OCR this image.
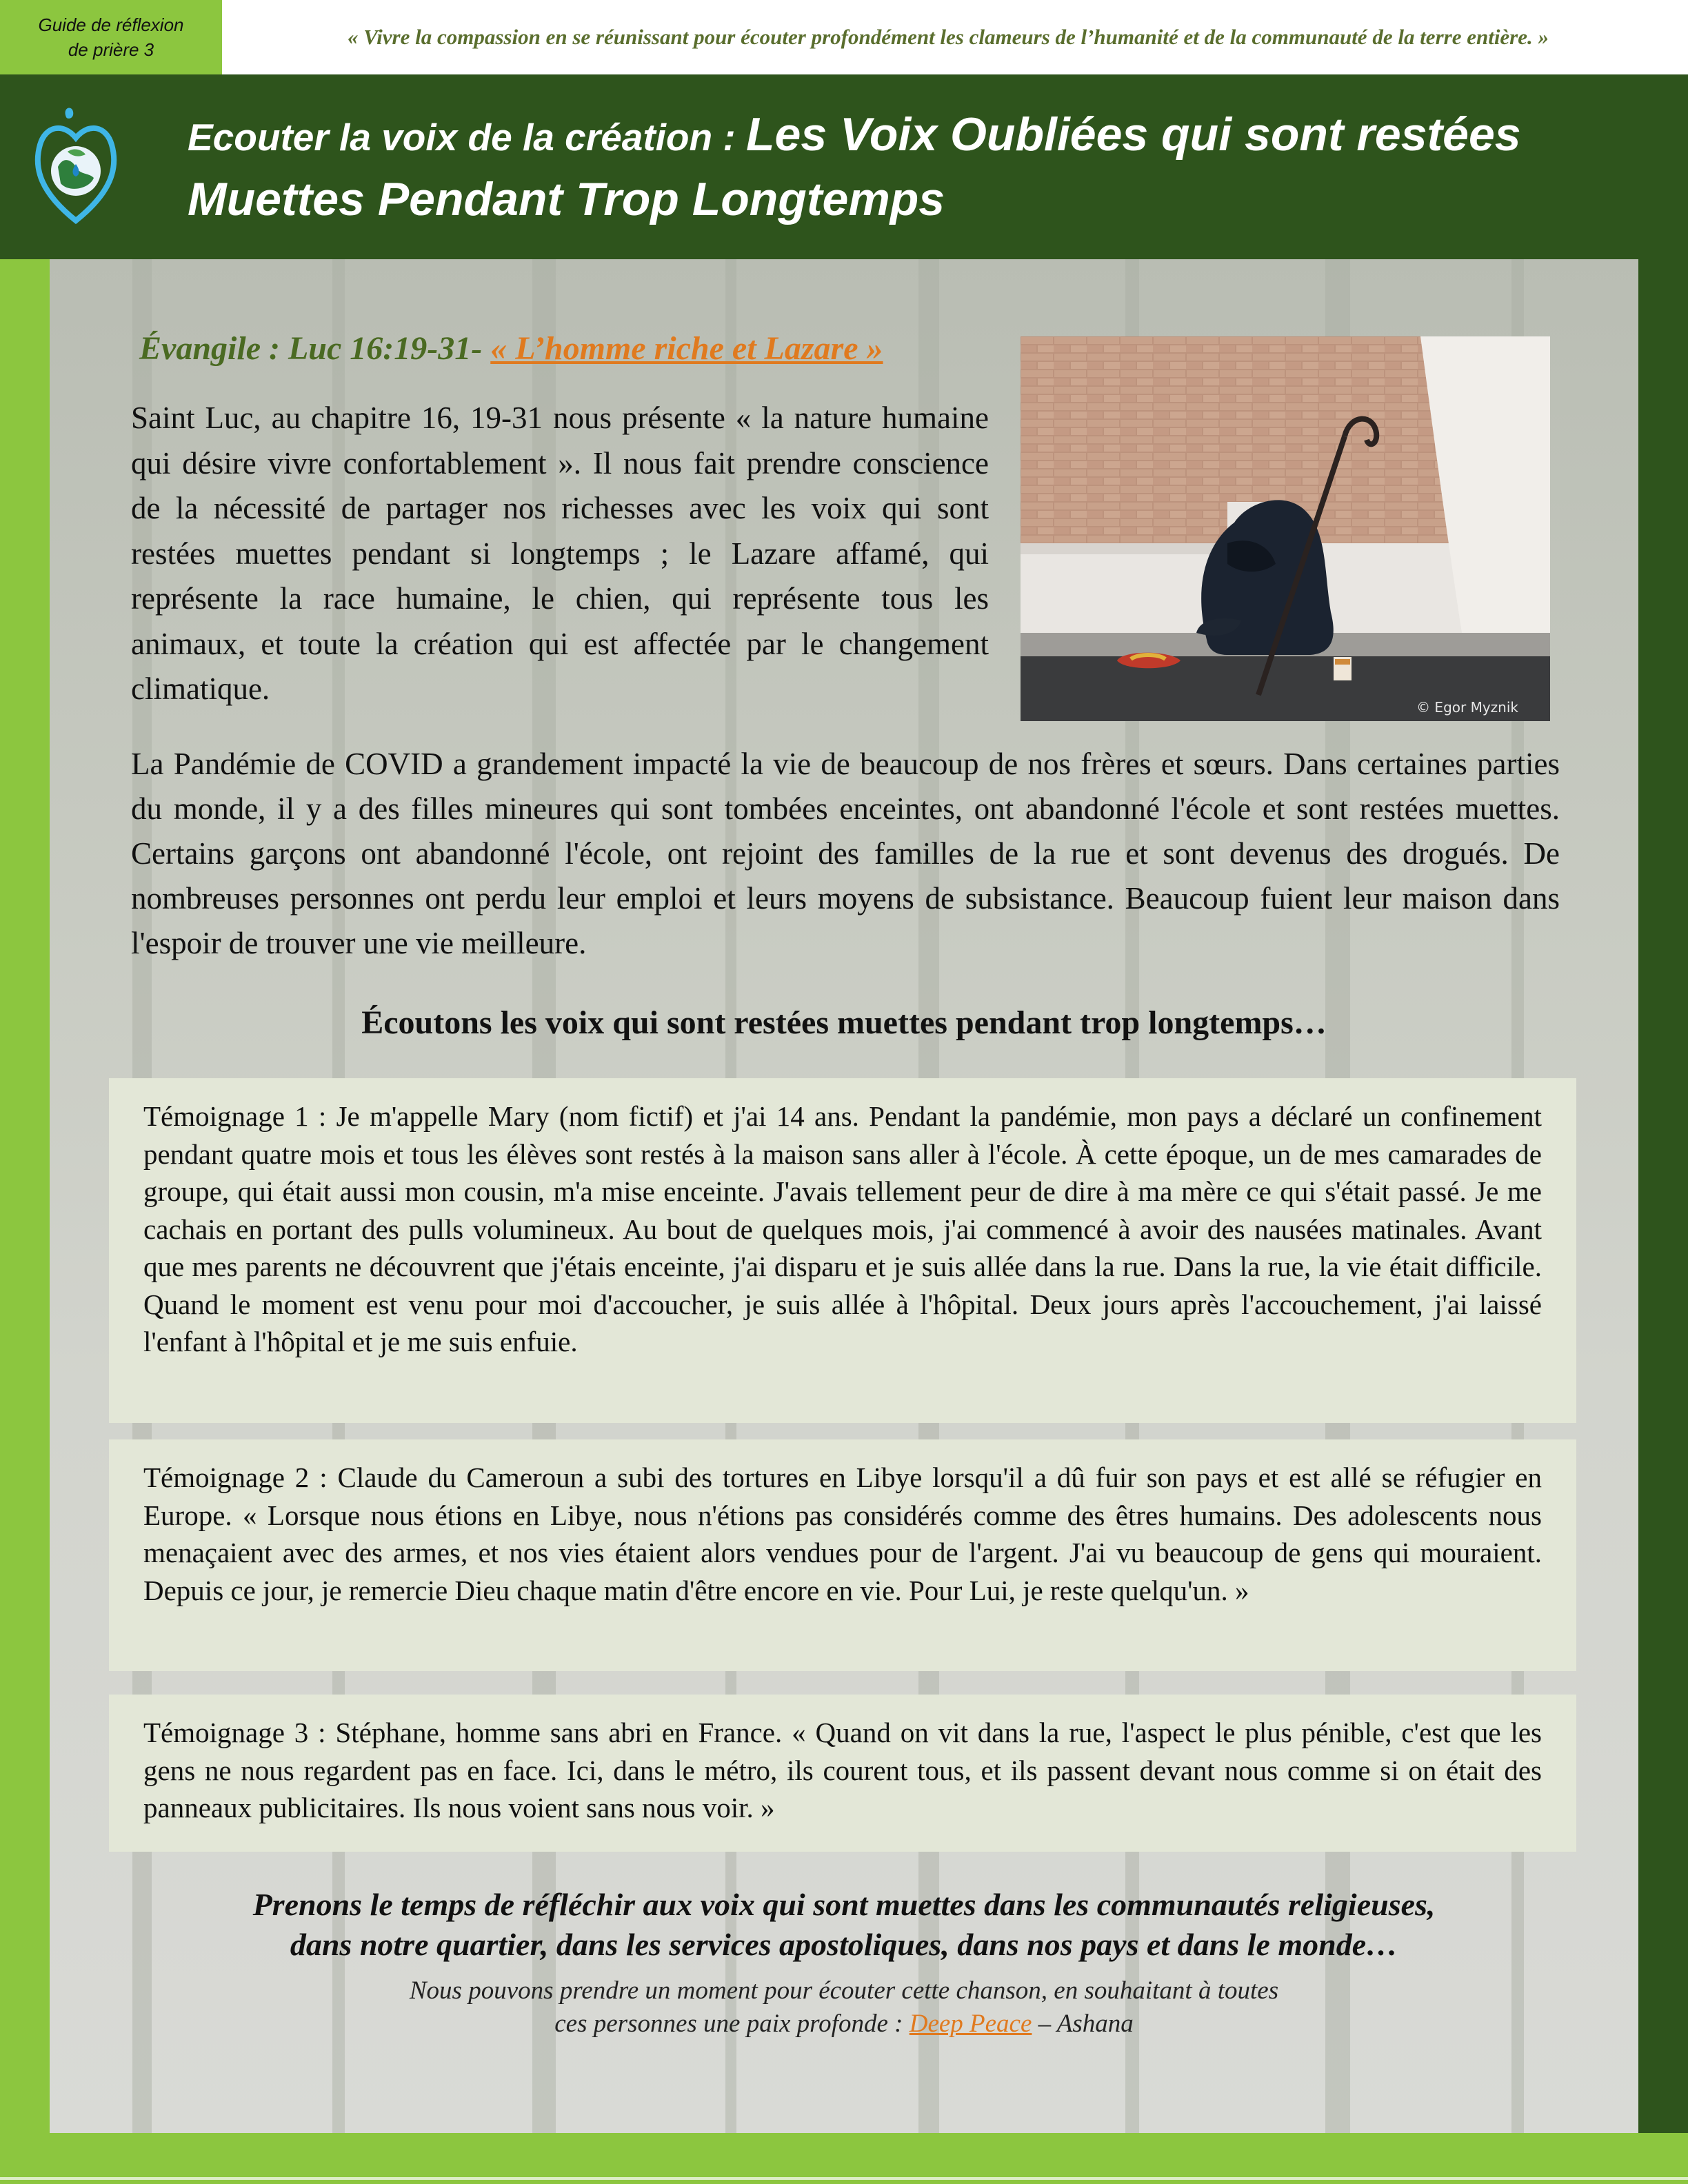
Guide de réflexion
de prière 3
« Vivre la compassion en se réunissant pour écouter profondément les clameurs de l’humanité et de la communauté de la terre entière. »
Ecouter la voix de la création : Les Voix Oubliées qui sont restées
Muettes Pendant Trop Longtemps
Évangile : Luc 16:19-31- « L’homme riche et Lazare »
© Egor Myznik
Saint Luc, au chapitre 16, 19-31 nous présente « la nature humaine qui désire vivre confortablement ». Il nous fait prendre conscience de la nécessité de partager nos richesses avec les voix qui sont restées muettes pendant si longtemps ; le Lazare affamé, qui représente la race humaine, le chien, qui représente tous les animaux, et toute la création qui est affectée par le changement climatique.
La Pandémie de COVID a grandement impacté la vie de beaucoup de nos frères et sœurs. Dans certaines parties du monde, il y a des filles mineures qui sont tombées enceintes, ont abandonné l'école et sont restées muettes. Certains garçons ont abandonné l'école, ont rejoint des familles de la rue et sont devenus des drogués. De nombreuses personnes ont perdu leur emploi et leurs moyens de subsistance. Beaucoup fuient leur maison dans l'espoir de trouver une vie meilleure.
Écoutons les voix qui sont restées muettes pendant trop longtemps…
Témoignage 1 : Je m'appelle Mary (nom fictif) et j'ai 14 ans. Pendant la pandémie, mon pays a déclaré un confinement pendant quatre mois et tous les élèves sont restés à la maison sans aller à l'école. À cette époque, un de mes camarades de groupe, qui était aussi mon cousin, m'a mise enceinte. J'avais tellement peur de dire à ma mère ce qui s'était passé. Je me cachais en portant des pulls volumineux. Au bout de quelques mois, j'ai commencé à avoir des nausées matinales. Avant que mes parents ne découvrent que j'étais enceinte, j'ai disparu et je suis allée dans la rue. Dans la rue, la vie était difficile. Quand le moment est venu pour moi d'accoucher, je suis allée à l'hôpital. Deux jours après l'accouchement, j'ai laissé l'enfant à l'hôpital et je me suis enfuie.
Témoignage 2 : Claude du Cameroun a subi des tortures en Libye lorsqu'il a dû fuir son pays et est allé se réfugier en Europe. « Lorsque nous étions en Libye, nous n'étions pas considérés comme des êtres humains. Des adolescents nous menaçaient avec des armes, et nos vies étaient alors vendues pour de l'argent. J'ai vu beaucoup de gens qui mouraient. Depuis ce jour, je remercie Dieu chaque matin d'être encore en vie. Pour Lui, je reste quelqu'un. »
Témoignage 3 : Stéphane, homme sans abri en France. « Quand on vit dans la rue, l'aspect le plus pénible, c'est que les gens ne nous regardent pas en face. Ici, dans le métro, ils courent tous, et ils passent devant nous comme si on était des panneaux publicitaires. Ils nous voient sans nous voir. »
Prenons le temps de réfléchir aux voix qui sont muettes dans les communautés religieuses,
dans notre quartier, dans les services apostoliques, dans nos pays et dans le monde…
Nous pouvons prendre un moment pour écouter cette chanson, en souhaitant à toutes
ces personnes une paix profonde : Deep Peace – Ashana
